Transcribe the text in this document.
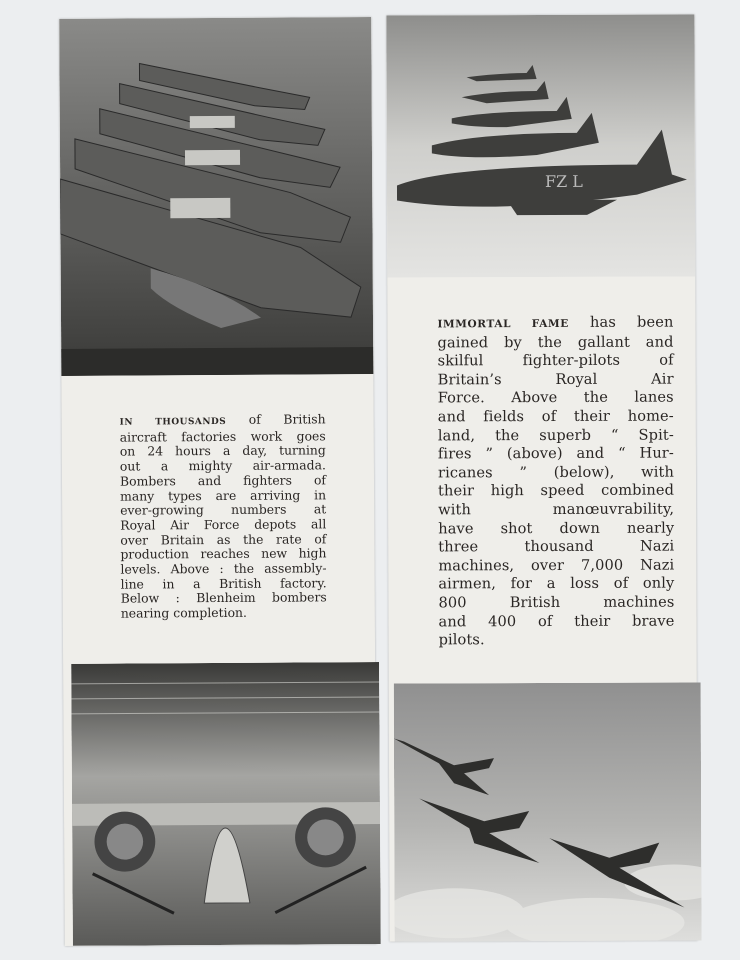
IN THOUSANDS of British
aircraft factories work goes
on 24 hours a day, turning
out a mighty air-armada.
Bombers and fighters of
many types are arriving in
ever-growing numbers at
Royal Air Force depots all
over Britain as the rate of
production reaches new high
levels. Above : the assembly-
line in a British factory.
Below : Blenheim bombers
nearing completion.
FZ L
IMMORTAL FAME has been
gained by the gallant and
skilful fighter-pilots of
Britain’s Royal Air
Force. Above the lanes
and fields of their home-
land, the superb “ Spit-
fires ” (above) and “ Hur-
ricanes ” (below), with
their high speed combined
with manœuvrability,
have shot down nearly
three thousand Nazi
machines, over 7,000 Nazi
airmen, for a loss of only
800 British machines
and 400 of their brave
pilots.
